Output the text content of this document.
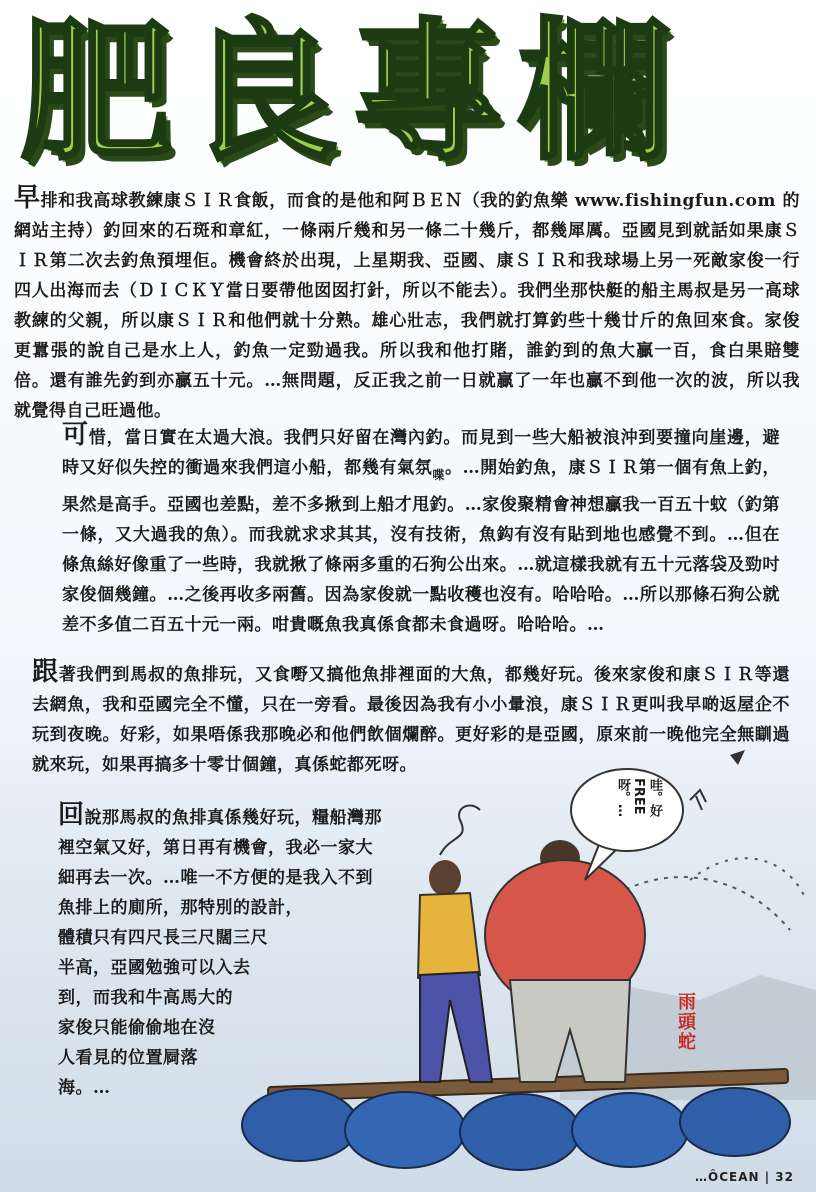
肥良專欄

早排和我高球教練康ＳＩＲ食飯，而食的是他和阿ＢＥＮ（我的釣魚樂 www.fishingfun.com 的網站主持）釣回來的石斑和章紅，一條兩斤幾和另一條二十幾斤，都幾犀厲。亞國見到就話如果康ＳＩＲ第二次去釣魚預埋佢。機會終於出現，上星期我、亞國、康ＳＩＲ和我球場上另一死敵家俊一行四人出海而去（ＤＩＣＫＹ當日要帶他囡囡打針，所以不能去）。我們坐那快艇的船主馬叔是另一高球教練的父親，所以康ＳＩＲ和他們就十分熟。雄心壯志，我們就打算釣些十幾廿斤的魚回來食。家俊更囂張的說自己是水上人，釣魚一定勁過我。所以我和他打賭，誰釣到的魚大贏一百，食白果賠雙倍。還有誰先釣到亦贏五十元。…無問題，反正我之前一日就贏了一年也贏不到他一次的波，所以我就覺得自己旺過他。

可惜，當日實在太過大浪。我們只好留在灣內釣。而見到一些大船被浪沖到要撞向崖邊，避時又好似失控的衝過來我們這小船，都幾有氣氛$_喋$。…開始釣魚，康ＳＩＲ第一個有魚上釣，果然是高手。亞國也差點，差不多揪到上船才甩釣。…家俊聚精會神想贏我一百五十蚊（釣第一條，又大過我的魚）。而我就求求其其，沒有技術，魚鈎有沒有貼到地也感覺不到。…但在條魚絲好像重了一些時，我就揪了條兩多重的石狗公出來。…就這樣我就有五十元落袋及勁吋家俊個幾鐘。…之後再收多兩舊。因為家俊就一點收穫也沒有。哈哈哈。…所以那條石狗公就差不多值二百五十元一兩。咁貴嘅魚我真係食都未食過呀。哈哈哈。…

跟著我們到馬叔的魚排玩，又食嘢又搞他魚排裡面的大魚，都幾好玩。後來家俊和康ＳＩＲ等還去網魚，我和亞國完全不懂，只在一旁看。最後因為我有小小暈浪，康ＳＩＲ更叫我早啲返屋企不玩到夜晚。好彩，如果唔係我那晚必和他們飲個爛醉。更好彩的是亞國，原來前一晚他完全無瞓過就來玩，如果再搞多十零廿個鐘，真係蛇都死呀。

哇。好FREE呀。…
雨頭蛇
回說那馬叔的魚排真係幾好玩，糧船灣那
裡空氣又好，第日再有機會，我必一家大
細再去一次。…唯一不方便的是我入不到
魚排上的廁所，那特別的設計，
體積只有四尺長三尺闊三尺
半高，亞國勉強可以入去
到，而我和牛高馬大的
家俊只能偷偷地在沒
人看見的位置屙落
海。…
…ÔCEAN | 32
